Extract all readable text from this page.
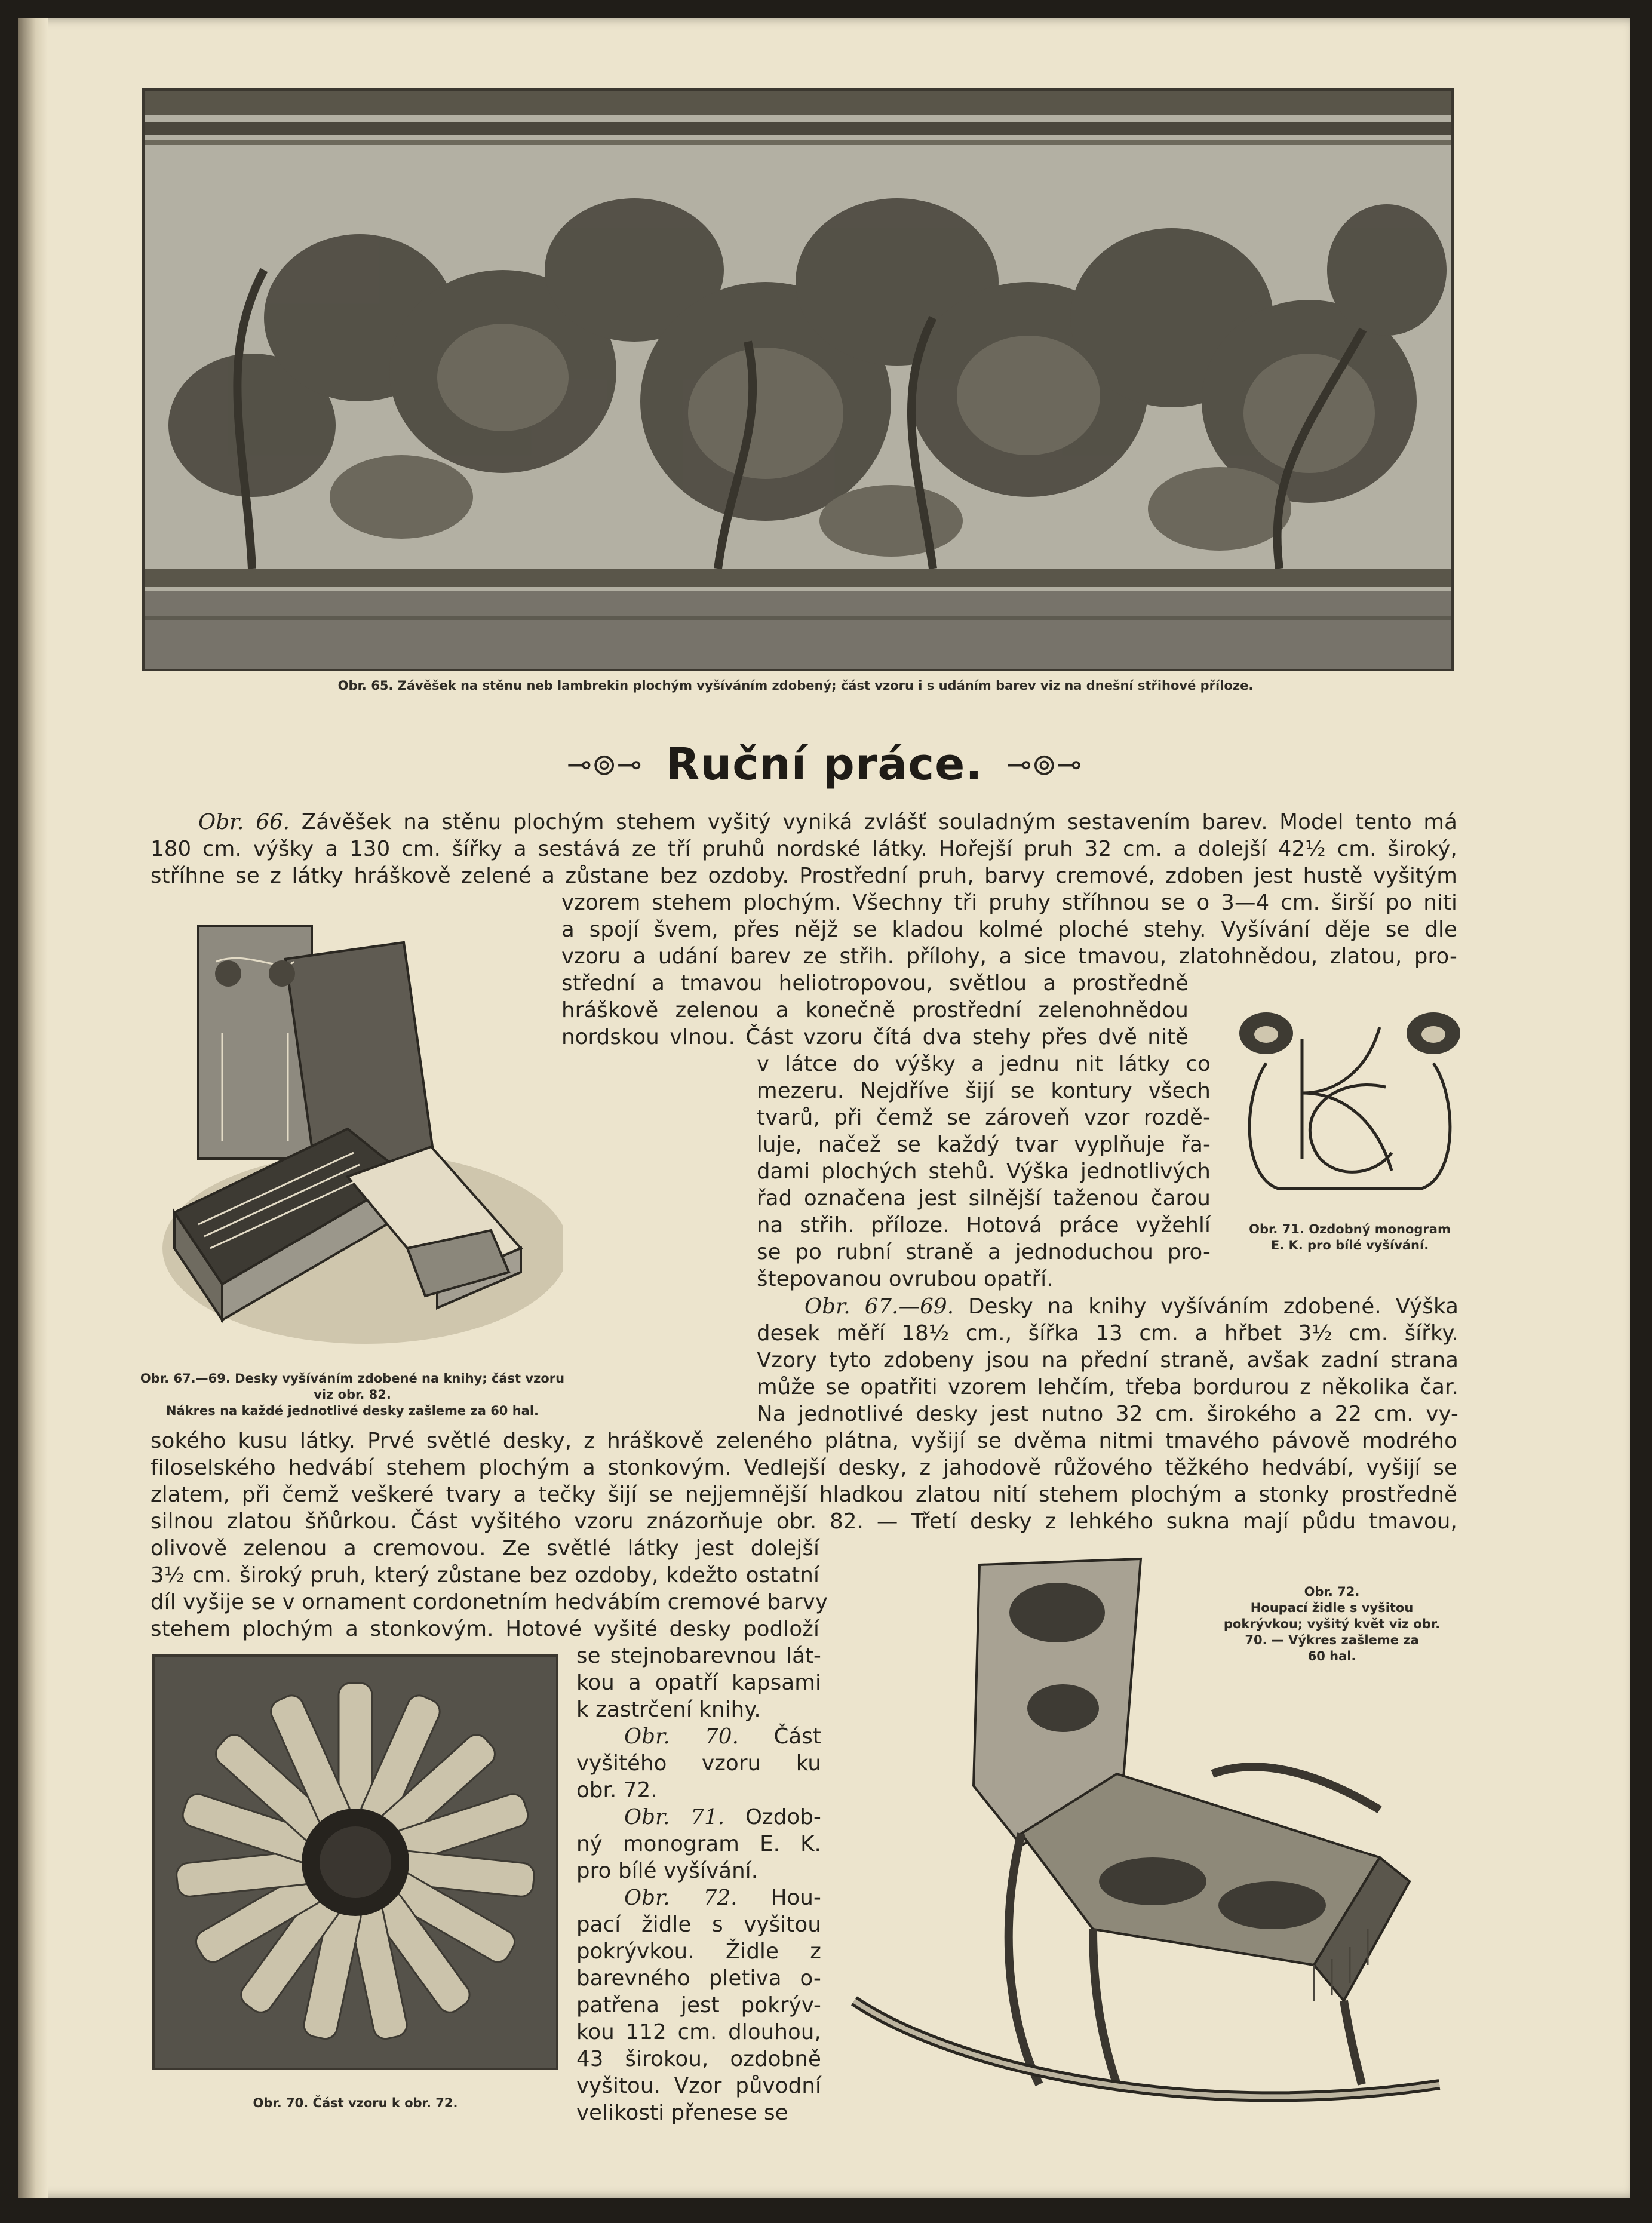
Obr. 65. Závěšek na stěnu neb lambrekin plochým vyšíváním zdobený; část vzoru i s udáním barev viz na dnešní střihové příloze.
⊸⊚⊸ Ruční práce. ⊸⊚⊸
Obr. 66. Závěšek na stěnu plochým stehem vyšitý vyniká zvlášť souladným sestavením barev. Model tento má
180 cm. výšky a 130 cm. šířky a sestává ze tří pruhů nordské látky. Hořejší pruh 32 cm. a dolejší 42½ cm. široký,
stříhne se z látky hráškově zelené a zůstane bez ozdoby. Prostřední pruh, barvy cremové, zdoben jest hustě vyšitým
Obr. 67.—69. Desky vyšíváním zdobené na knihy; část vzoru viz obr. 82.
Nákres na každé jednotlivé desky zašleme za 60 hal.
vzorem stehem plochým. Všechny tři pruhy stříhnou se o 3—4 cm. širší po niti
a spojí švem, přes nějž se kladou kolmé ploché stehy. Vyšívání děje se dle
vzoru a udání barev ze střih. přílohy, a sice tmavou, zlatohnědou, zlatou, pro-
střední a tmavou heliotropovou, světlou a prostředně
hráškově zelenou a konečně prostřední zelenohnědou
nordskou vlnou. Část vzoru čítá dva stehy přes dvě nitě
v látce do výšky a jednu nit látky co
mezeru. Nejdříve šijí se kontury všech
tvarů, při čemž se zároveň vzor rozdě-
luje, načež se každý tvar vyplňuje řa-
dami plochých stehů. Výška jednotlivých
řad označena jest silnější taženou čarou
na střih. příloze. Hotová práce vyžehlí
se po rubní straně a jednoduchou pro-
štepovanou ovrubou opatří.
Obr. 71. Ozdobný monogram
E. K. pro bílé vyšívání.
Obr. 67.—69. Desky na knihy vyšíváním zdobené. Výška
desek měří 18½ cm., šířka 13 cm. a hřbet 3½ cm. šířky.
Vzory tyto zdobeny jsou na přední straně, avšak zadní strana
může se opatřiti vzorem lehčím, třeba bordurou z několika čar.
Na jednotlivé desky jest nutno 32 cm. širokého a 22 cm. vy-
sokého kusu látky. Prvé světlé desky, z hráškově zeleného plátna, vyšijí se dvěma nitmi tmavého pávově modrého
filoselského hedvábí stehem plochým a stonkovým. Vedlejší desky, z jahodově růžového těžkého hedvábí, vyšijí se
zlatem, při čemž veškeré tvary a tečky šijí se nejjemnější hladkou zlatou nití stehem plochým a stonky prostředně
silnou zlatou šňůrkou. Část vyšitého vzoru znázorňuje obr. 82. — Třetí desky z lehkého sukna mají půdu tmavou,
olivově zelenou a cremovou. Ze světlé látky jest dolejší
3½ cm. široký pruh, který zůstane bez ozdoby, kdežto ostatní
díl vyšije se v ornament cordonetním hedvábím cremové barvy
stehem plochým a stonkovým. Hotové vyšité desky podloží
Obr. 70. Část vzoru k obr. 72.
se stejnobarevnou lát-
kou a opatří kapsami
k zastrčení knihy.
Obr. 70. Část
vyšitého vzoru ku
obr. 72.
Obr. 71. Ozdob-
ný monogram E. K.
pro bílé vyšívání.
Obr. 72. Hou-
pací židle s vyšitou
pokrývkou. Židle z
barevného pletiva o-
patřena jest pokrýv-
kou 112 cm. dlouhou,
43 širokou, ozdobně
vyšitou. Vzor původní
velikosti přenese se
Obr. 72.
Houpací židle s vyšitou
pokrývkou; vyšitý květ viz obr.
70. — Výkres zašleme za
60 hal.
